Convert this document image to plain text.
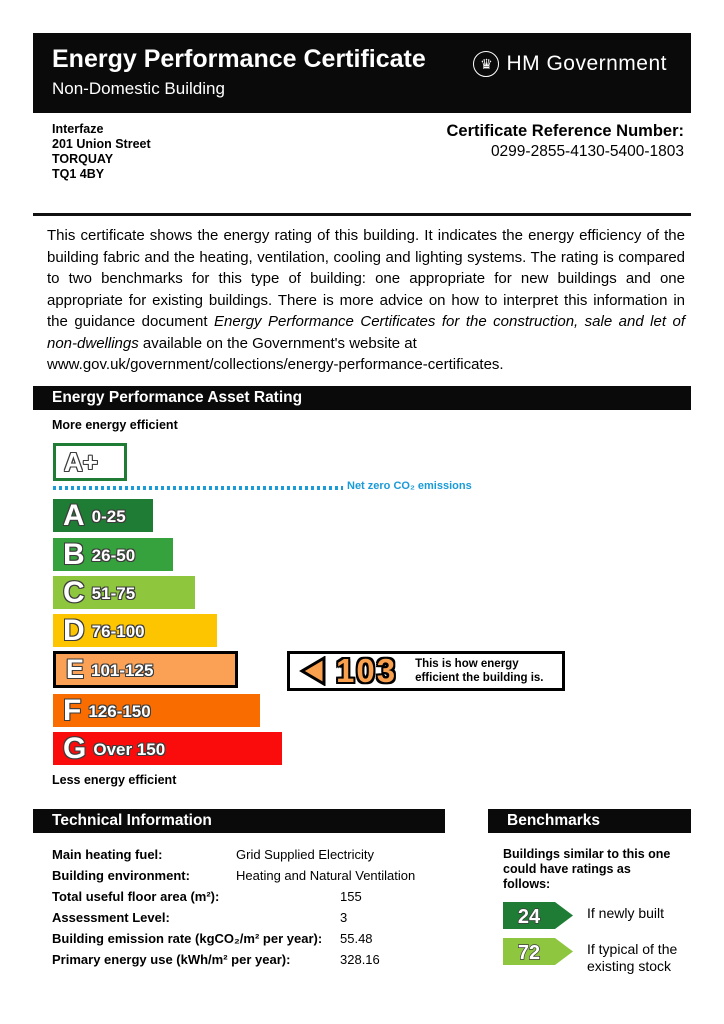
Energy Performance Certificate
Non-Domestic Building
♛ HM Government
Interfaze
201 Union Street
TORQUAY
TQ1 4BY
Certificate Reference Number:
0299-2855-4130-5400-1803

This certificate shows the energy rating of this building. It indicates the energy efficiency of the building fabric and the heating, ventilation, cooling and lighting systems. The rating is compared to two benchmarks for this type of building: one appropriate for new buildings and one appropriate for existing buildings. There is more advice on how to interpret this information in the guidance document Energy Performance Certificates for the construction, sale and let of non-dwellings available on the Government's website at
www.gov.uk/government/collections/energy-performance-certificates.

Energy Performance Asset Rating
More energy efficient
A+
Net zero CO₂ emissions
A 0-25
B 26-50
C 51-75
D 76-100
E 101-125
F 126-150
G Over 150
103 This is how energy efficient the building is.
Less energy efficient
Technical Information
Main heating fuel:	Grid Supplied Electricity
Building environment:	Heating and Natural Ventilation
Total useful floor area (m²):	155
Assessment Level:	3
Building emission rate (kgCO₂/m² per year): 55.48
Primary energy use (kWh/m² per year):	328.16
Benchmarks
Buildings similar to this one could have ratings as follows:
24	If newly built
72	If typical of the existing stock
